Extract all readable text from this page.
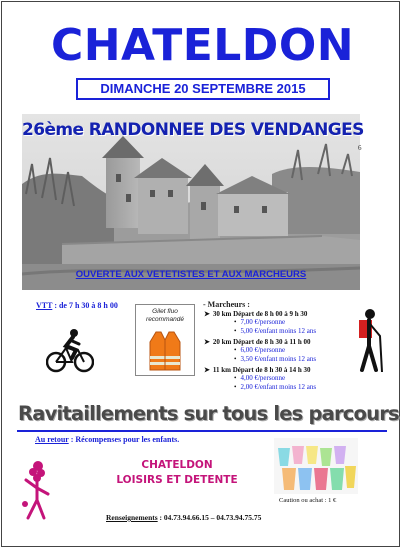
CHATELDON
DIMANCHE 20 SEPTEMBRE 2015
26ème RANDONNEE DES VENDANGES
6
OUVERTE AUX VETETISTES ET AUX MARCHEURS
VTT : de 7 h 30 à 8 h 00
Gilet fluo
recommandé
- Marcheurs :
➤ 30 km Départ de 8 h 00 à 9 h 30
• 7,00 €/personne
• 5,00 €/enfant moins 12 ans
➤ 20 km Départ de 8 h 30 à 11 h 00
• 6,00 €/personne
• 3,50 €/enfant moins 12 ans
➤ 11 km Départ de 8 h 30 à 14 h 30
• 4,00 €/personne
• 2,00 €/enfant moins 12 ans
Ravitaillements sur tous les parcours
Au retour : Récompenses pour les enfants.
CHATELDON
LOISIRS ET DETENTE
Caution ou achat : 1 €
Renseignements : 04.73.94.66.15 – 04.73.94.75.75
